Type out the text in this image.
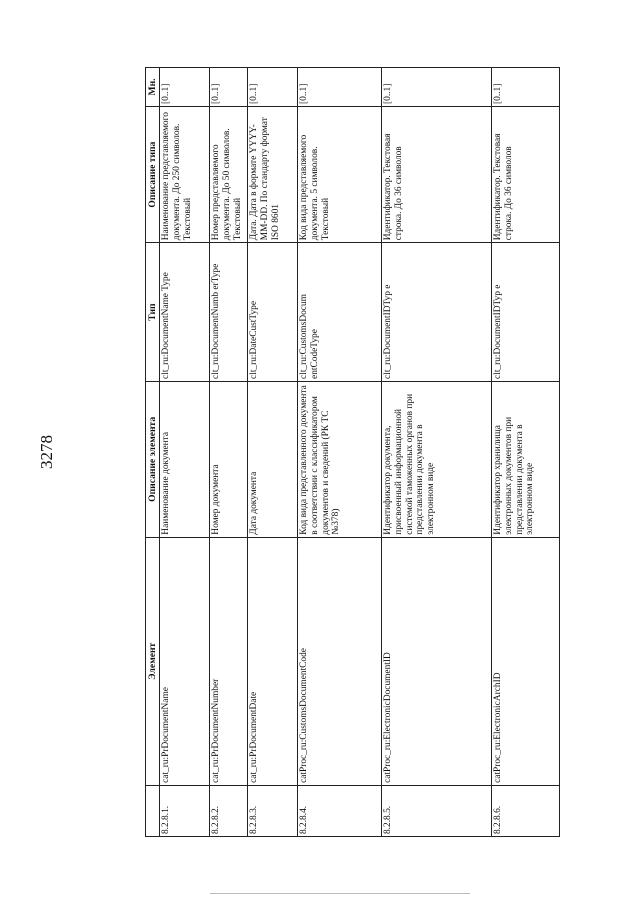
3278
	Элемент	Описание элемента	Тип	Описание типа	Мн.
8.2.8.1.	cat_ru:PrDocumentName	Наименование документа	clt_ru:DocumentName Type	Наименование представляемого документа. До 250 символов. Текстовый	[0..1]
8.2.8.2.	cat_ru:PrDocumentNumber	Номер документа	clt_ru:DocumentNumb erType	Номер представляемого документа. До 50 символов. Текстовый	[0..1]
8.2.8.3.	cat_ru:PrDocumentDate	Дата документа	clt_ru:DateCustType	Дата. Дата в формате YYYY-MM-DD. По стандарту формат ISO 8601	[0..1]
8.2.8.4.	catProc_ru:CustomsDocumentCode	Код вида представленного документа в соответствии с классификатором документов и сведений (РК ТС №378)	clt_ru:CustomsDocum entCodeType	Код вида представляемого документа. 5 символов. Текстовый	[0..1]
8.2.8.5.	catProc_ru:ElectronicDocumentID	Идентификатор документа, присвоенный информационной системой таможенных органов при представлении документа в электронном виде	clt_ru:DocumentIDTyp e	Идентификатор. Текстовая строка. До 36 символов	[0..1]
8.2.8.6.	catProc_ru:ElectronicArchID	Идентификатор хранилища электронных документов при представлении документа в электронном виде	clt_ru:DocumentIDTyp e	Идентификатор. Текстовая строка. До 36 символов	[0..1]
